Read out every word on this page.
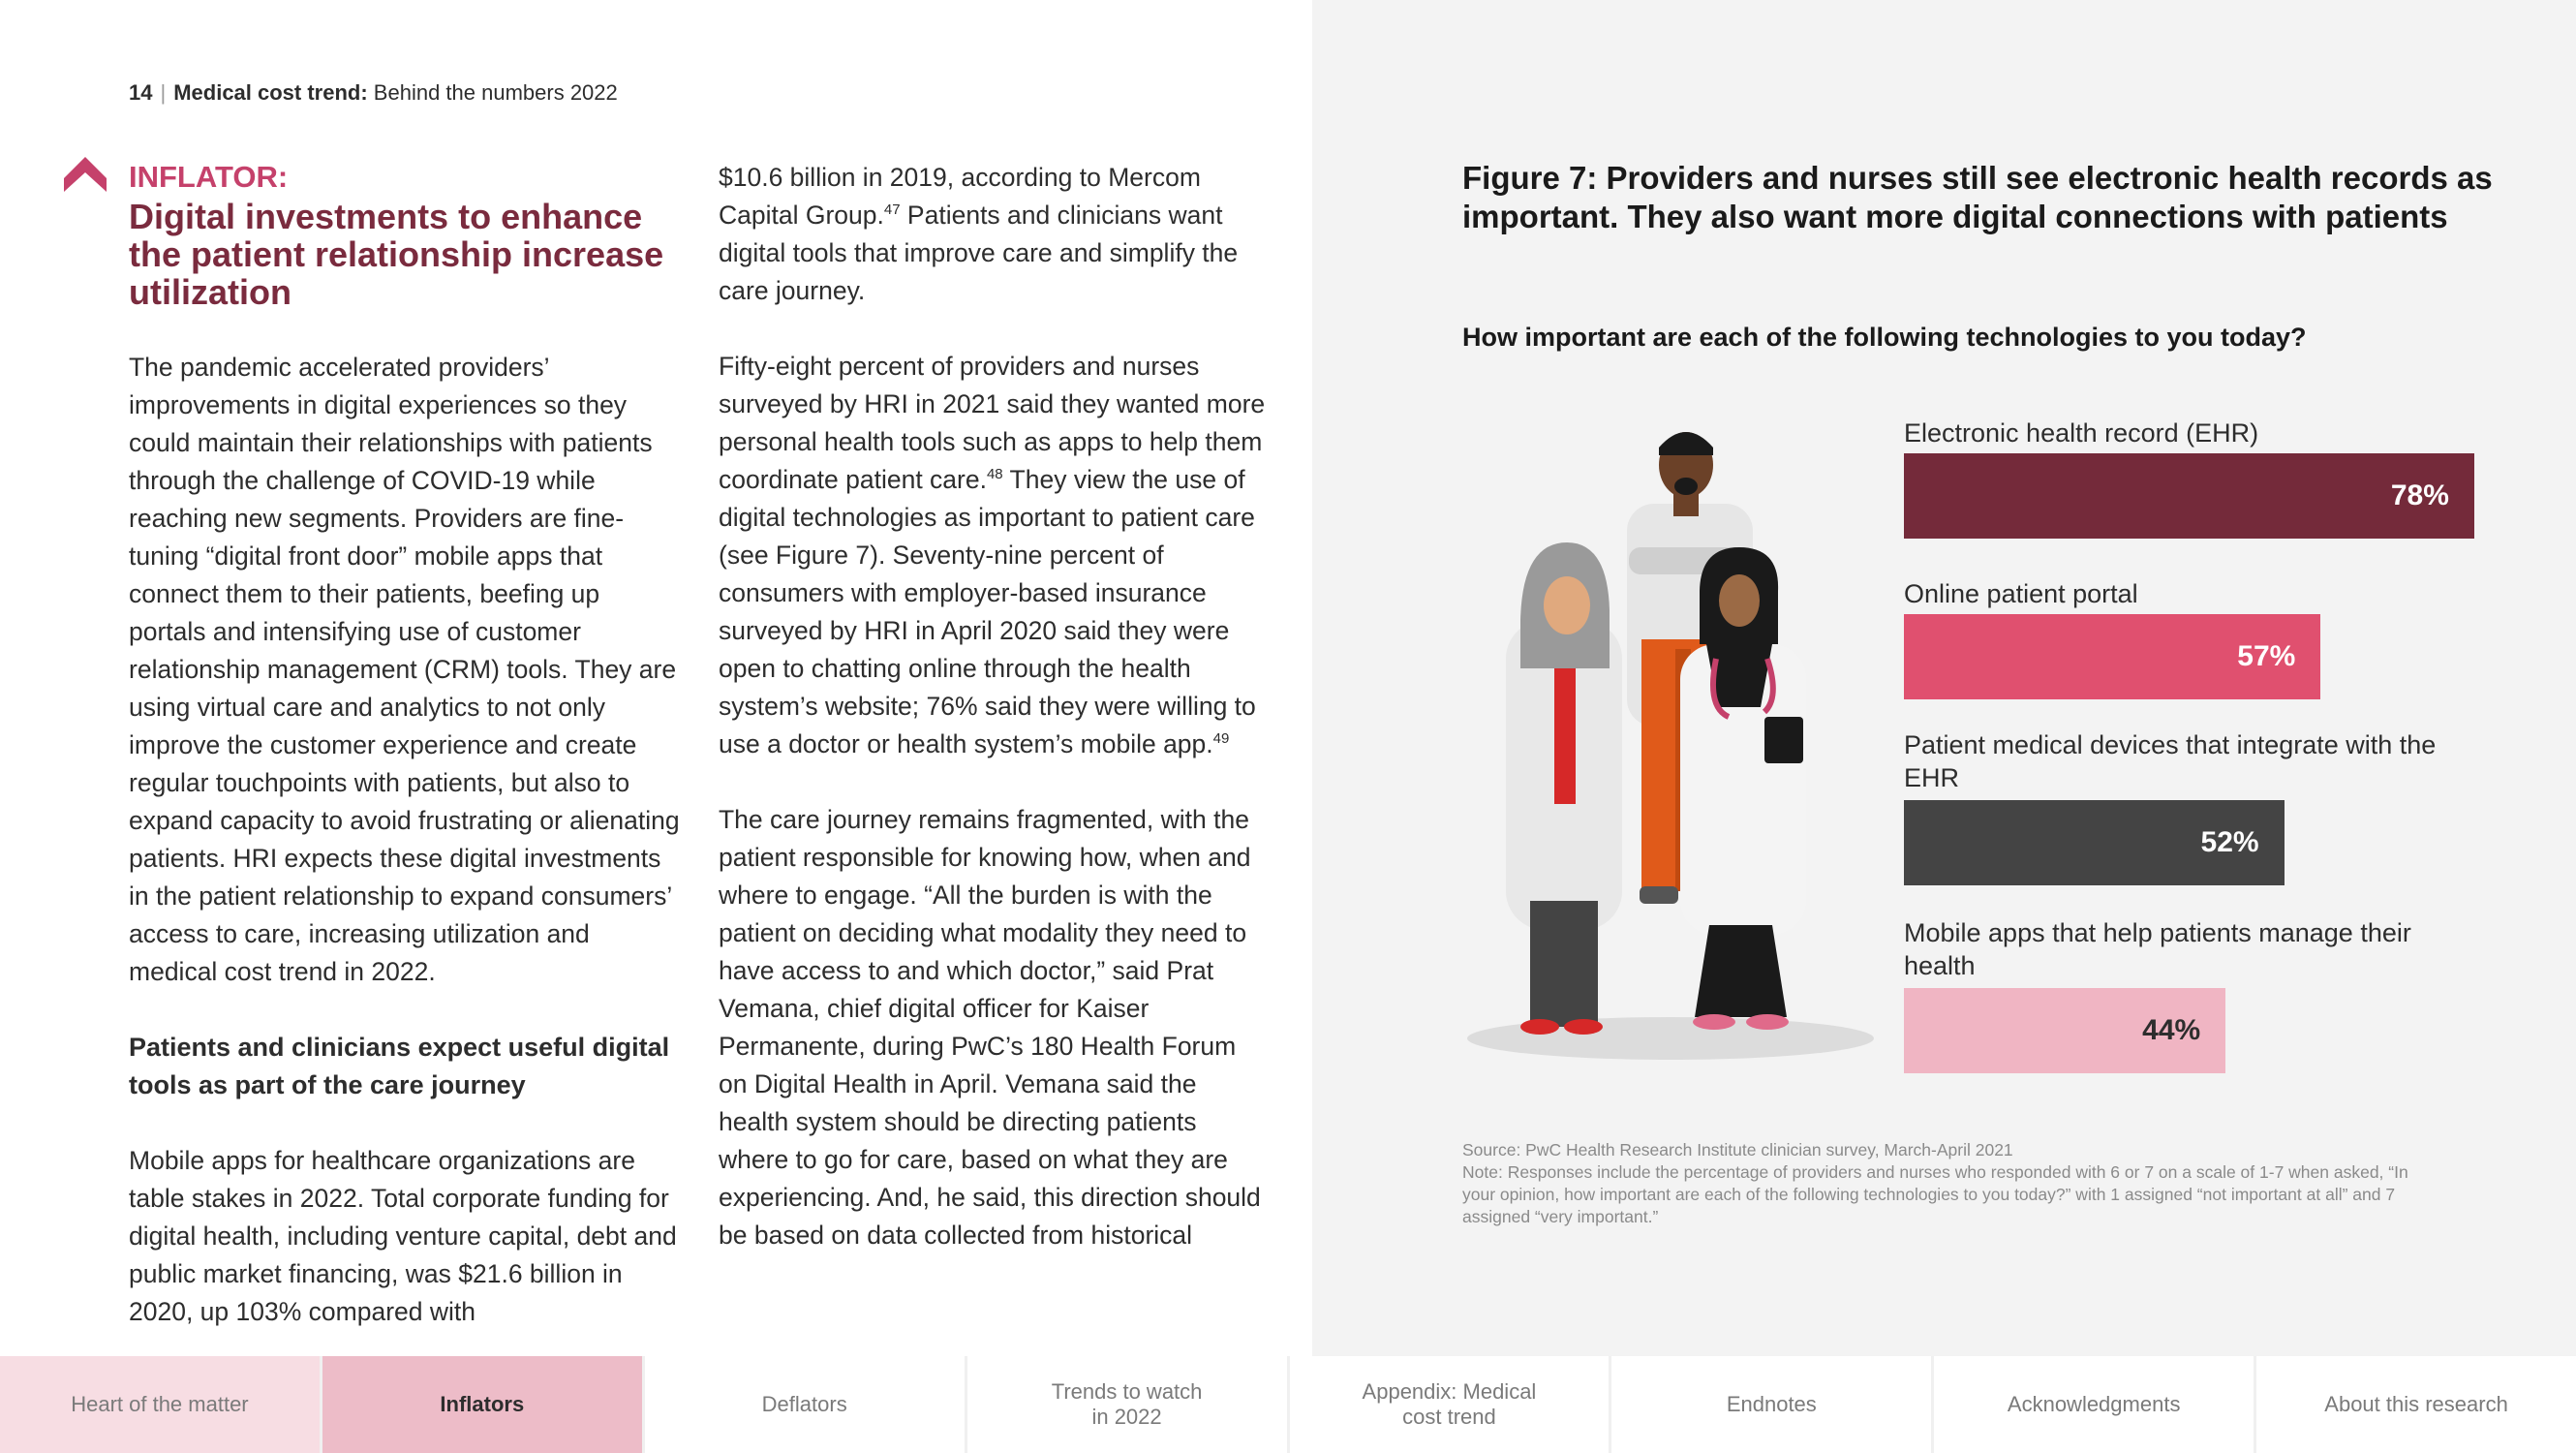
14 | Medical cost trend: Behind the numbers 2022
INFLATOR:
Digital investments to enhance the patient relationship increase utilization

The pandemic accelerated providers’ improvements in digital experiences so they could maintain their relationships with patients through the challenge of COVID-19 while reaching new segments. Providers are fine-tuning “digital front door” mobile apps that connect them to their patients, beefing up portals and intensifying use of customer relationship management (CRM) tools. They are using virtual care and analytics to not only improve the customer experience and create regular touchpoints with patients, but also to expand capacity to avoid frustrating or alienating patients. HRI expects these digital investments in the patient relationship to expand consumers’ access to care, increasing utilization and medical cost trend in 2022.

Patients and clinicians expect useful digital tools as part of the care journey

Mobile apps for healthcare organizations are table stakes in 2022. Total corporate funding for digital health, including venture capital, debt and public market financing, was $21.6 billion in 2020, up 103% compared with

$10.6 billion in 2019, according to Mercom Capital Group.$^{47}$ Patients and clinicians want digital tools that improve care and simplify the care journey.

Fifty-eight percent of providers and nurses surveyed by HRI in 2021 said they wanted more personal health tools such as apps to help them coordinate patient care.$^{48}$ They view the use of digital technologies as important to patient care (see Figure 7). Seventy-nine percent of consumers with employer-based insurance surveyed by HRI in April 2020 said they were open to chatting online through the health system’s website; 76% said they were willing to use a doctor or health system’s mobile app.$^{49}$

The care journey remains fragmented, with the patient responsible for knowing how, when and where to engage. “All the burden is with the patient on deciding what modality they need to have access to and which doctor,” said Prat Vemana, chief digital officer for Kaiser Permanente, during PwC’s 180 Health Forum on Digital Health in April. Vemana said the health system should be directing patients where to go for care, based on what they are experiencing. And, he said, this direction should be based on data collected from historical

Figure 7: Providers and nurses still see electronic health records as important. They also want more digital connections with patients
How important are each of the following technologies to you today?
Electronic health record (EHR)
78%
Online patient portal
57%
Patient medical devices that integrate with the EHR
52%
Mobile apps that help patients manage their health
44%
Source: PwC Health Research Institute clinician survey, March-April 2021
Note: Responses include the percentage of providers and nurses who responded with 6 or 7 on a scale of 1-7 when asked, “In your opinion, how important are each of the following technologies to you today?” with 1 assigned “not important at all” and 7 assigned “very important.”
Heart of the matter	Inflators	Deflators
Trends to watch
in 2022
Appendix: Medical
cost trend
Endnotes	Acknowledgments	About this research
